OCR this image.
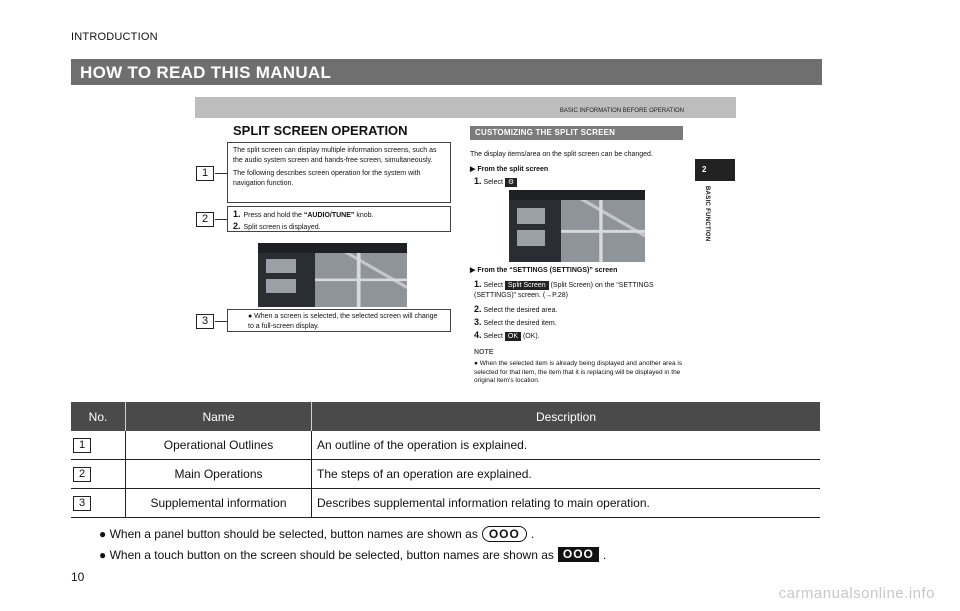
INTRODUCTION
HOW TO READ THIS MANUAL
BASIC INFORMATION BEFORE OPERATION
SPLIT SCREEN OPERATION
1

The split screen can display multiple information screens, such as the audio system screen and hands-free screen, simultaneously.

The following describes screen operation for the system with navigation function.

2	1. Press and hold the “AUDIO/TUNE” knob.
2. Split screen is displayed.
3	● When a screen is selected, the selected screen will change to a full-screen display.

CUSTOMIZING THE SPLIT SCREEN
The display items/area on the split screen can be changed.
▶ From the split screen
1. Select ⚙
▶ From the “SETTINGS (SETTINGS)” screen
1. Select Split Screen (Split Screen) on the “SETTINGS (SETTINGS)” screen. (→P.28)
2. Select the desired area.
3. Select the desired item.
4. Select OK (OK).
NOTE
● When the selected item is already being displayed and another area is selected for that item, the item that it is replacing will be displayed in the original item’s location.
2
BASIC FUNCTION
No.	Name	Description
1	Operational Outlines	An outline of the operation is explained.
2	Main Operations	The steps of an operation are explained.
3	Supplemental information	Describes supplemental information relating to main operation.
● When a panel button should be selected, button names are shown as OOO .
● When a touch button on the screen should be selected, button names are shown as OOO .
10
carmanualsonline.info
